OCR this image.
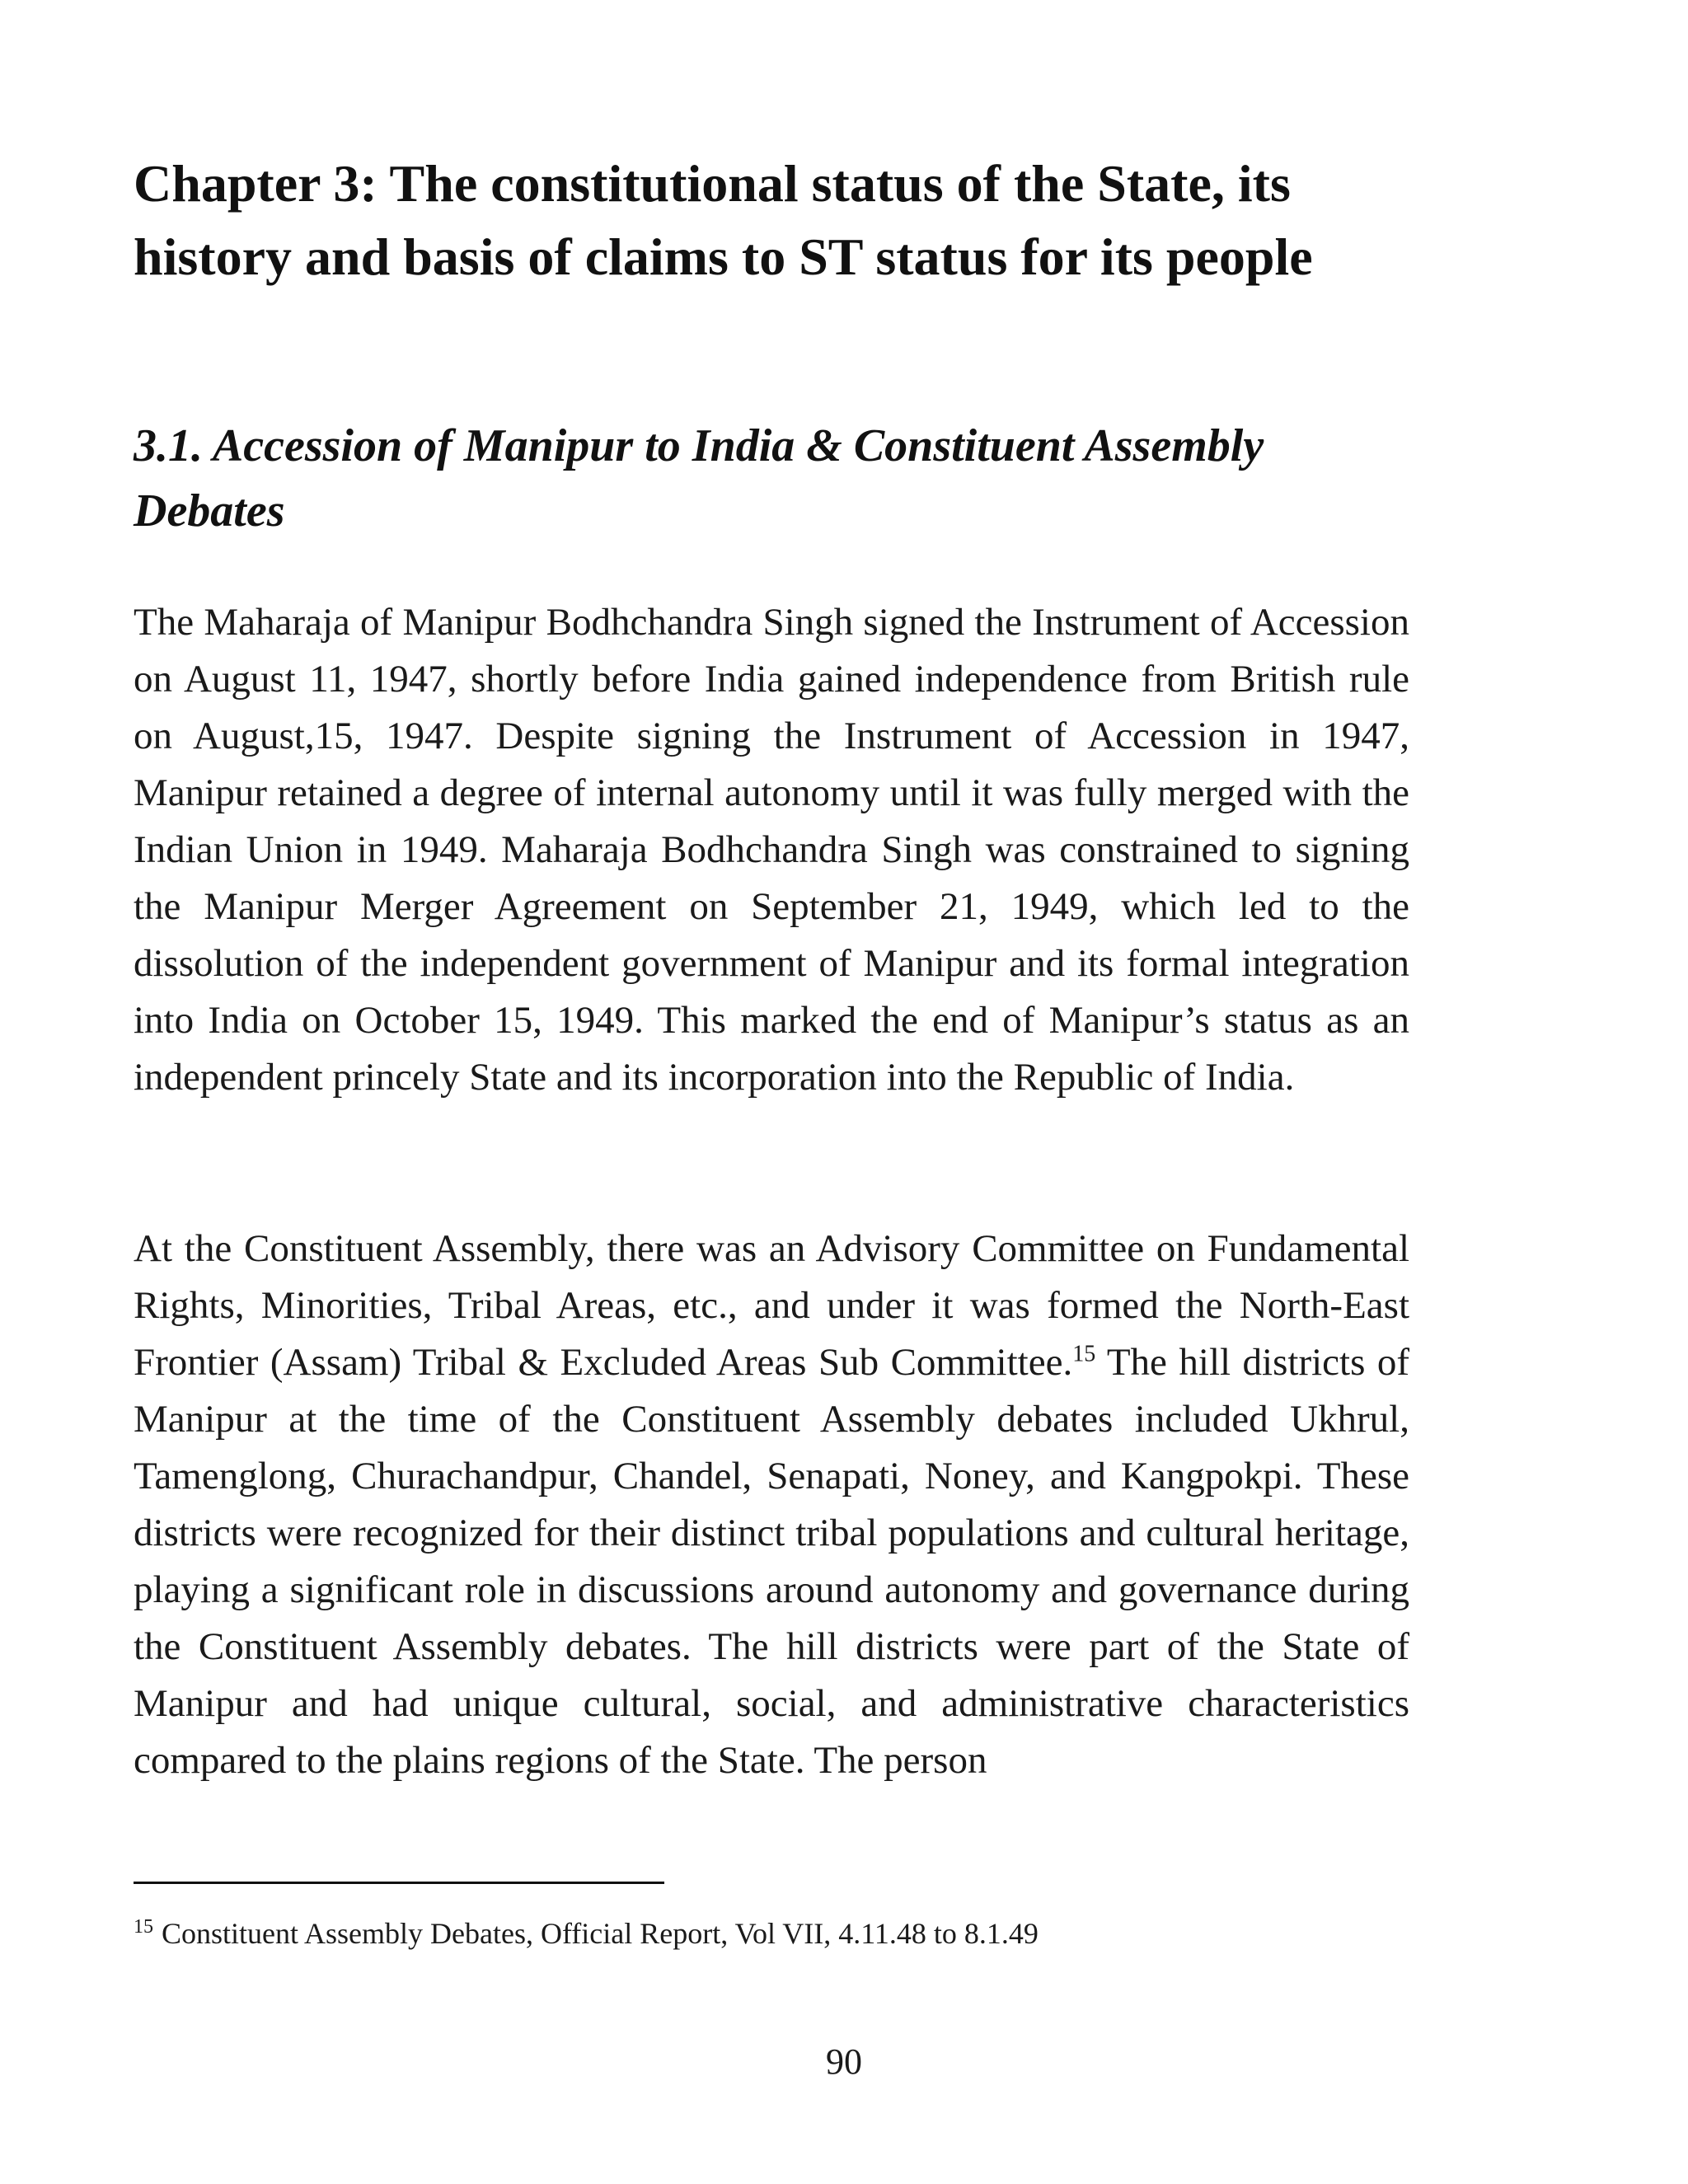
Chapter 3: The constitutional status of the State, its history and basis of claims to ST status for its people
3.1. Accession of Manipur to India & Constituent Assembly Debates

The Maharaja of Manipur Bodhchandra Singh signed the Instrument of Accession on August 11, 1947, shortly before India gained independence from British rule on August,15, 1947. Despite signing the Instrument of Accession in 1947, Manipur retained a degree of internal autonomy until it was fully merged with the Indian Union in 1949. Maharaja Bodhchandra Singh was constrained to signing the Manipur Merger Agreement on September 21, 1949, which led to the dissolution of the independent government of Manipur and its formal integration into India on October 15, 1949. This marked the end of Manipur’s status as an independent princely State and its incorporation into the Republic of India.

At the Constituent Assembly, there was an Advisory Committee on Fundamental Rights, Minorities, Tribal Areas, etc., and under it was formed the North-East Frontier (Assam) Tribal & Excluded Areas Sub Committee.$^{15}$ The hill districts of Manipur at the time of the Constituent Assembly debates included Ukhrul, Tamenglong, Churachandpur, Chandel, Senapati, Noney, and Kangpokpi. These districts were recognized for their distinct tribal populations and cultural heritage, playing a significant role in discussions around autonomy and governance during the Constituent Assembly debates. The hill districts were part of the State of Manipur and had unique cultural, social, and administrative characteristics compared to the plains regions of the State. The person

$^{15}$ Constituent Assembly Debates, Official Report, Vol VII, 4.11.48 to 8.1.49

90
